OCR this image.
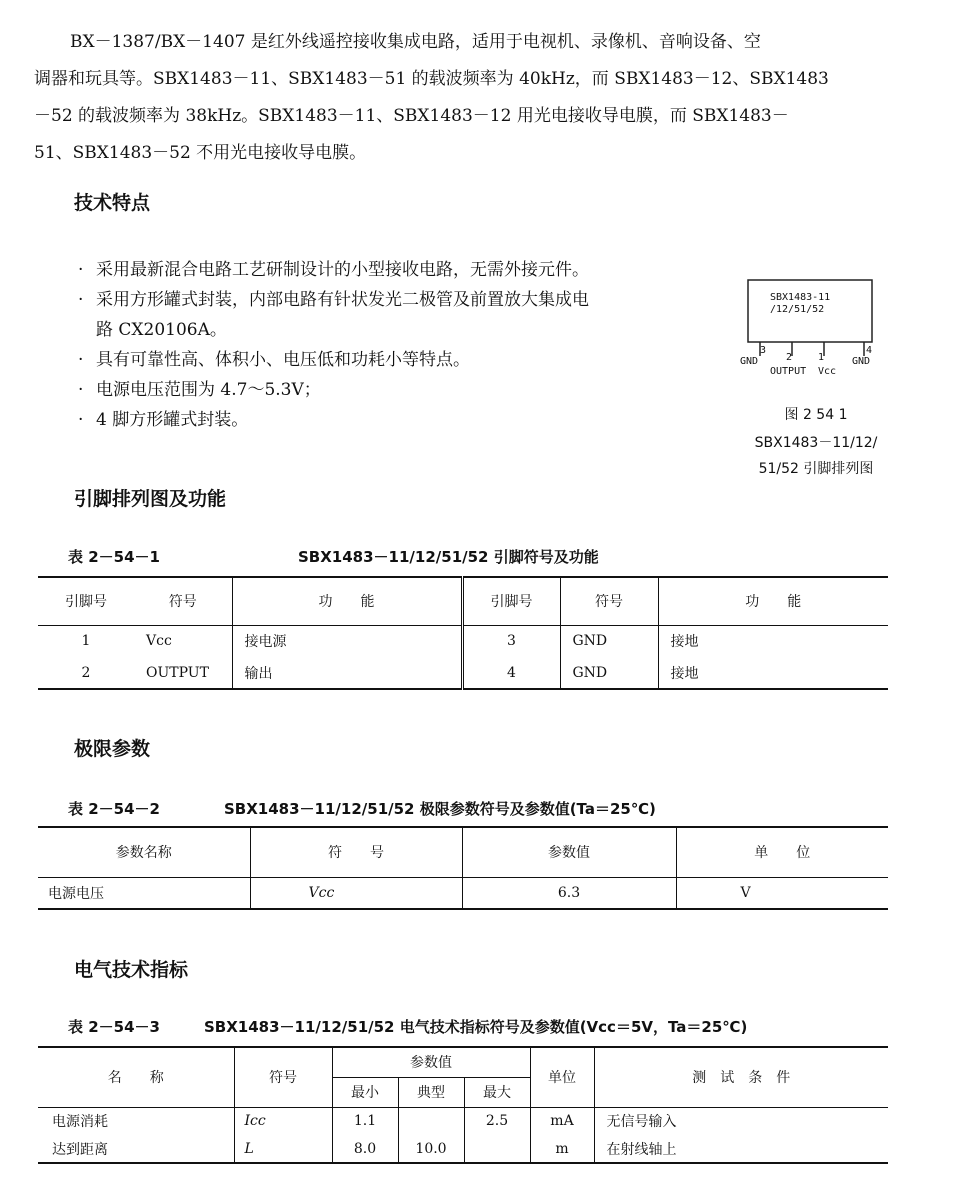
BX－1387/BX－1407 是红外线遥控接收集成电路，适用于电视机、录像机、音响设备、空

调器和玩具等。SBX1483－11、SBX1483－51 的载波频率为 40kHz，而 SBX1483－12、SBX1483

－52 的载波频率为 38kHz。SBX1483－11、SBX1483－12 用光电接收导电膜，而 SBX1483－

51、SBX1483－52 不用光电接收导电膜。

技术特点
· 采用最新混合电路工艺研制设计的小型接收电路，无需外接元件。
· 采用方形罐式封装，内部电路有针状发光二极管及前置放大集成电
路 CX20106A。
· 具有可靠性高、体积小、电压低和功耗小等特点。
· 电源电压范围为 4.7～5.3V；
· 4 脚方形罐式封装。
SBX1483-11
/12/51/52
3
2	1
4
GND
OUTPUT Vcc
GND
图 2 54 1
SBX1483－11/12/
51/52 引脚排列图
引脚排列图及功能
表 2－54－1	SBX1483－11/12/51/52 引脚符号及功能
引脚号	符号	功　　能	引脚号	符号	功　　能
1	Vcc	接电源	3	GND	接地
2	OUTPUT	输出	4	GND	接地
极限参数
表 2－54－2	SBX1483－11/12/51/52 极限参数符号及参数值(Ta＝25℃)
参数名称	符　　号	参数值	单　　位
电源电压	Vcc	6.3	V
电气技术指标
表 2－54－3	SBX1483－11/12/51/52 电气技术指标符号及参数值(Vcc＝5V，Ta＝25℃)
名　　称	符号	参数值			单位	测　试　条　件
		最小	典型	最大		
电源消耗	Icc	1.1		2.5	mA	无信号输入
达到距离	L	8.0	10.0		m	在射线轴上
